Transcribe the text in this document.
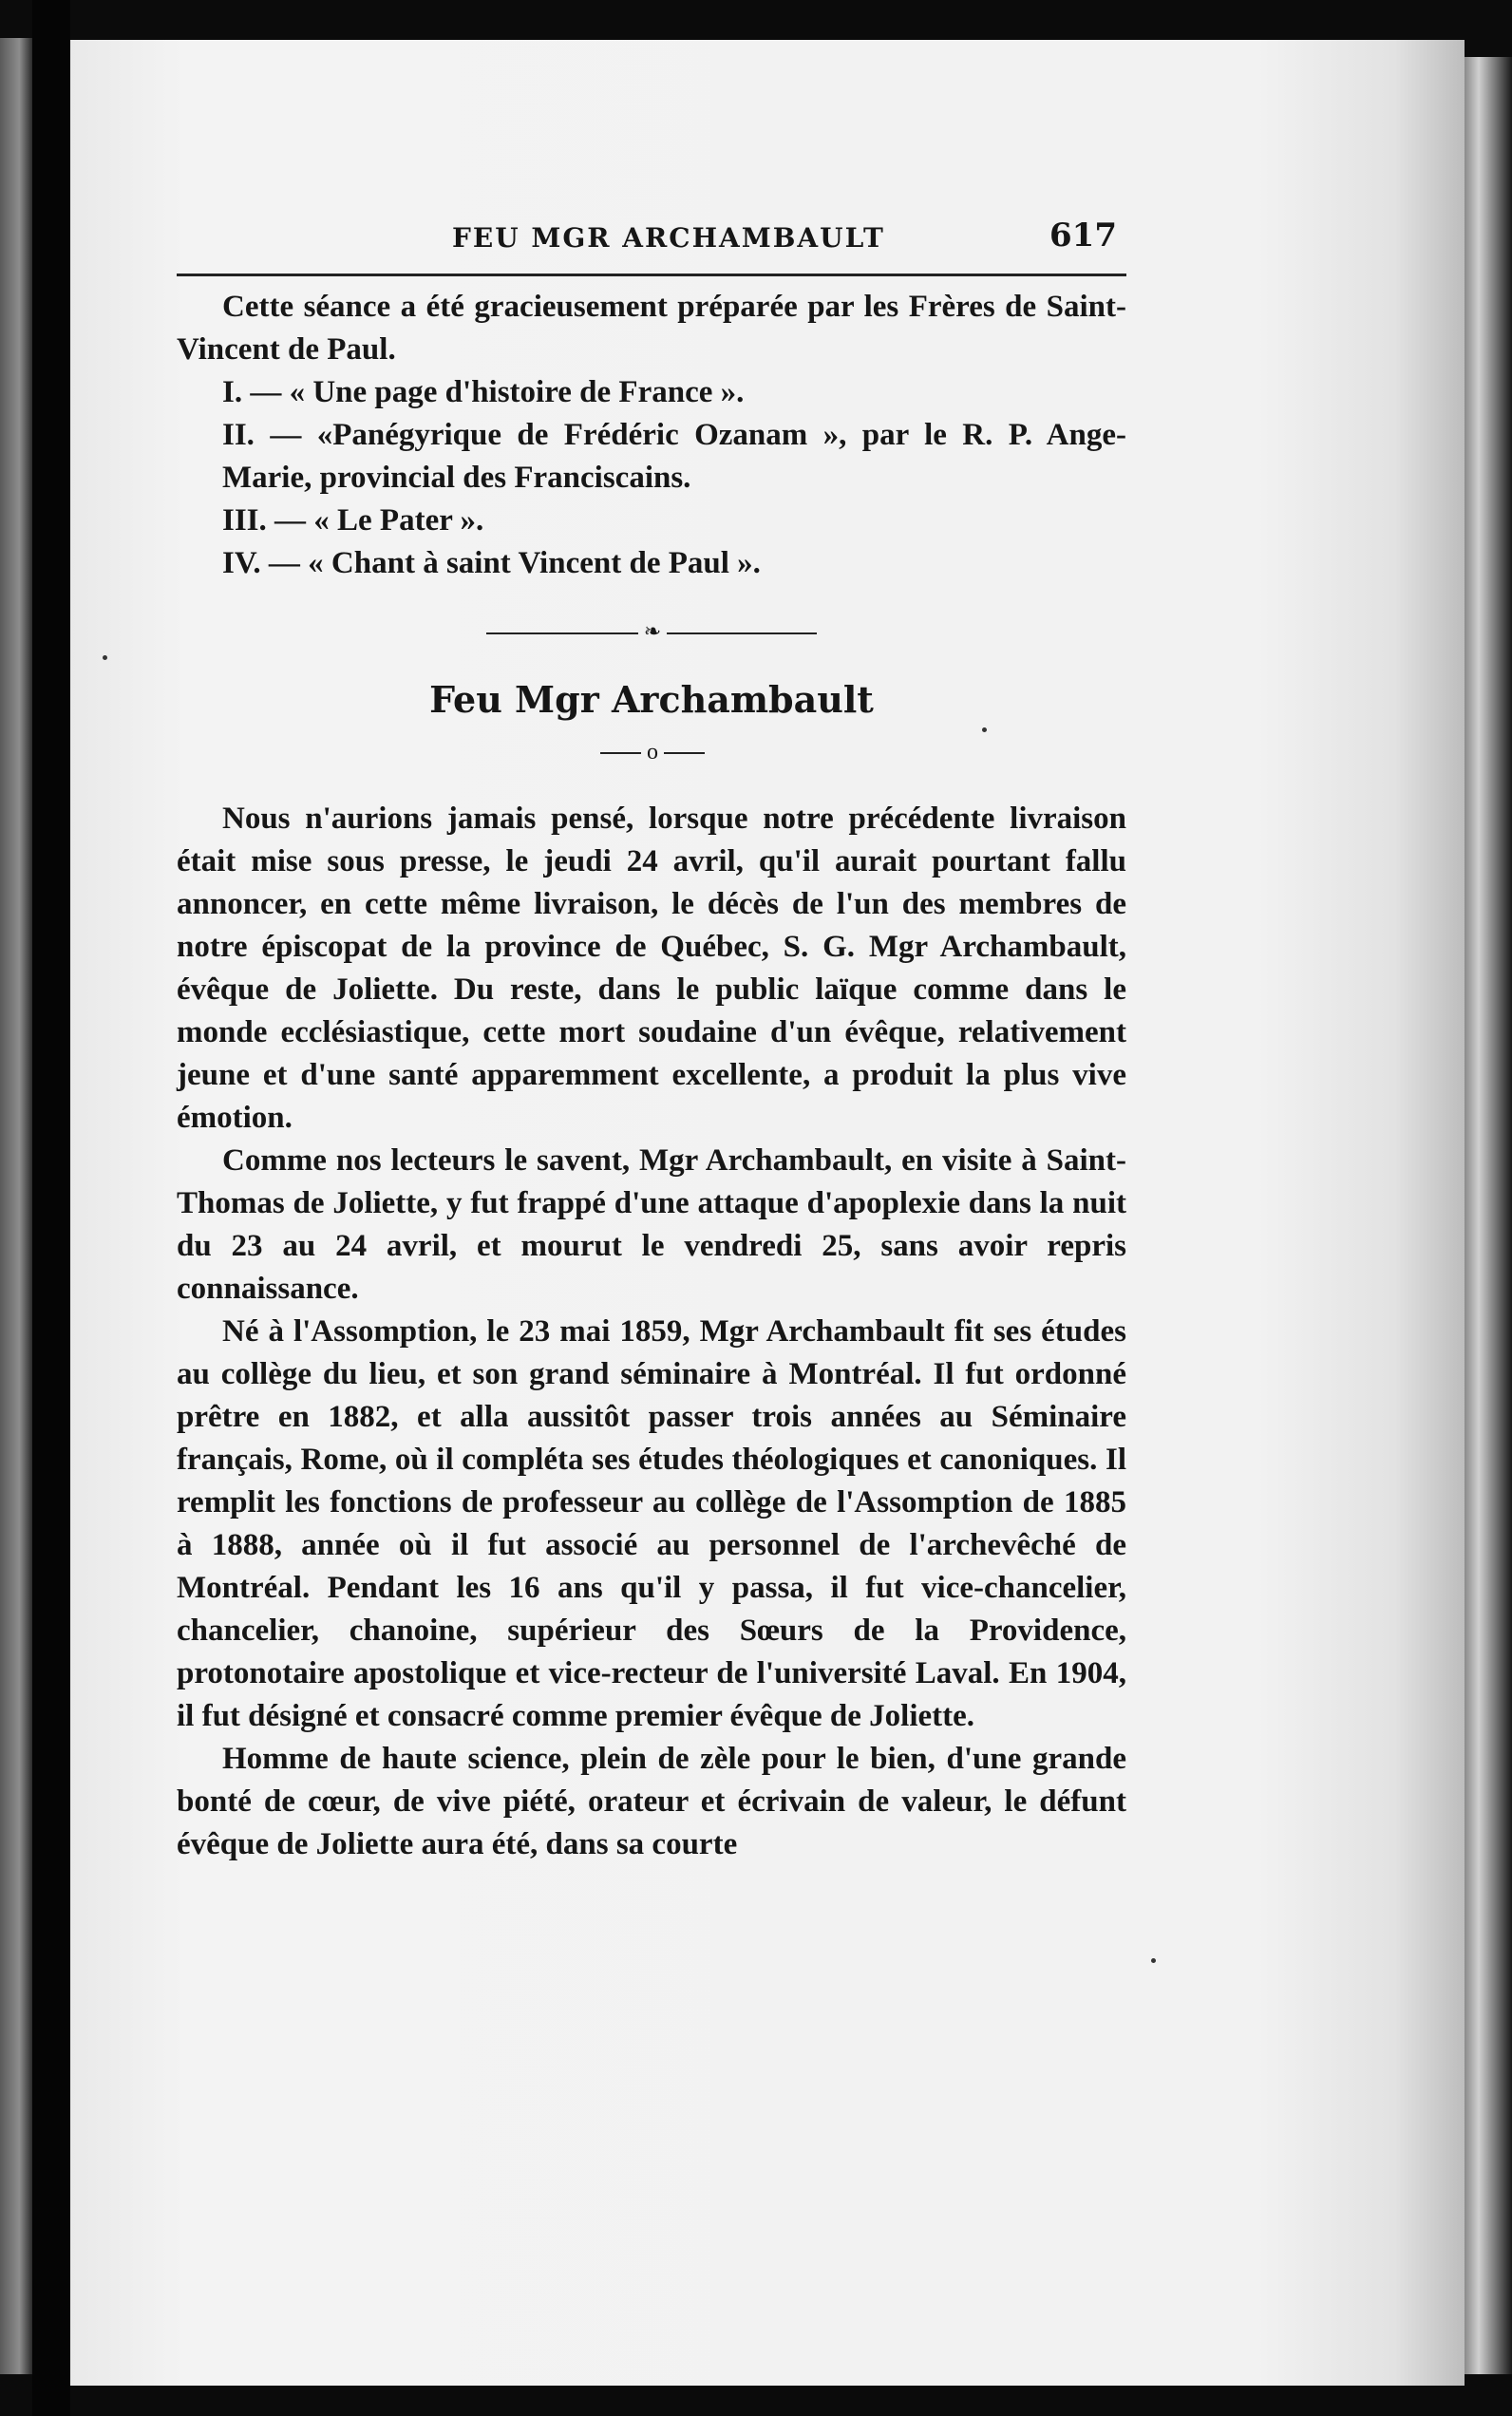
FEU MGR ARCHAMBAULT	617

Cette séance a été gracieusement préparée par les Frères de Saint-Vincent de Paul.

I. — « Une page d'histoire de France ».
II. — «Panégyrique de Frédéric Ozanam », par le R. P. Ange-Marie, provincial des Franciscains.
III. — « Le Pater ».
IV. — « Chant à saint Vincent de Paul ».
❧
Feu Mgr Archambault
o

Nous n'aurions jamais pensé, lorsque notre précédente livraison était mise sous presse, le jeudi 24 avril, qu'il aurait pourtant fallu annoncer, en cette même livraison, le décès de l'un des membres de notre épiscopat de la province de Québec, S. G. Mgr Archambault, évêque de Joliette. Du reste, dans le public laïque comme dans le monde ecclésiastique, cette mort soudaine d'un évêque, relativement jeune et d'une santé apparemment excellente, a produit la plus vive émotion.

Comme nos lecteurs le savent, Mgr Archambault, en visite à Saint-Thomas de Joliette, y fut frappé d'une attaque d'apoplexie dans la nuit du 23 au 24 avril, et mourut le vendredi 25, sans avoir repris connaissance.

Né à l'Assomption, le 23 mai 1859, Mgr Archambault fit ses études au collège du lieu, et son grand séminaire à Montréal. Il fut ordonné prêtre en 1882, et alla aussitôt passer trois années au Séminaire français, Rome, où il compléta ses études théologiques et canoniques. Il remplit les fonctions de professeur au collège de l'Assomption de 1885 à 1888, année où il fut associé au personnel de l'archevêché de Montréal. Pendant les 16 ans qu'il y passa, il fut vice-chancelier, chancelier, chanoine, supérieur des Sœurs de la Providence, protonotaire apostolique et vice-recteur de l'université Laval. En 1904, il fut désigné et consacré comme premier évêque de Joliette.

Homme de haute science, plein de zèle pour le bien, d'une grande bonté de cœur, de vive piété, orateur et écrivain de valeur, le défunt évêque de Joliette aura été, dans sa courte
